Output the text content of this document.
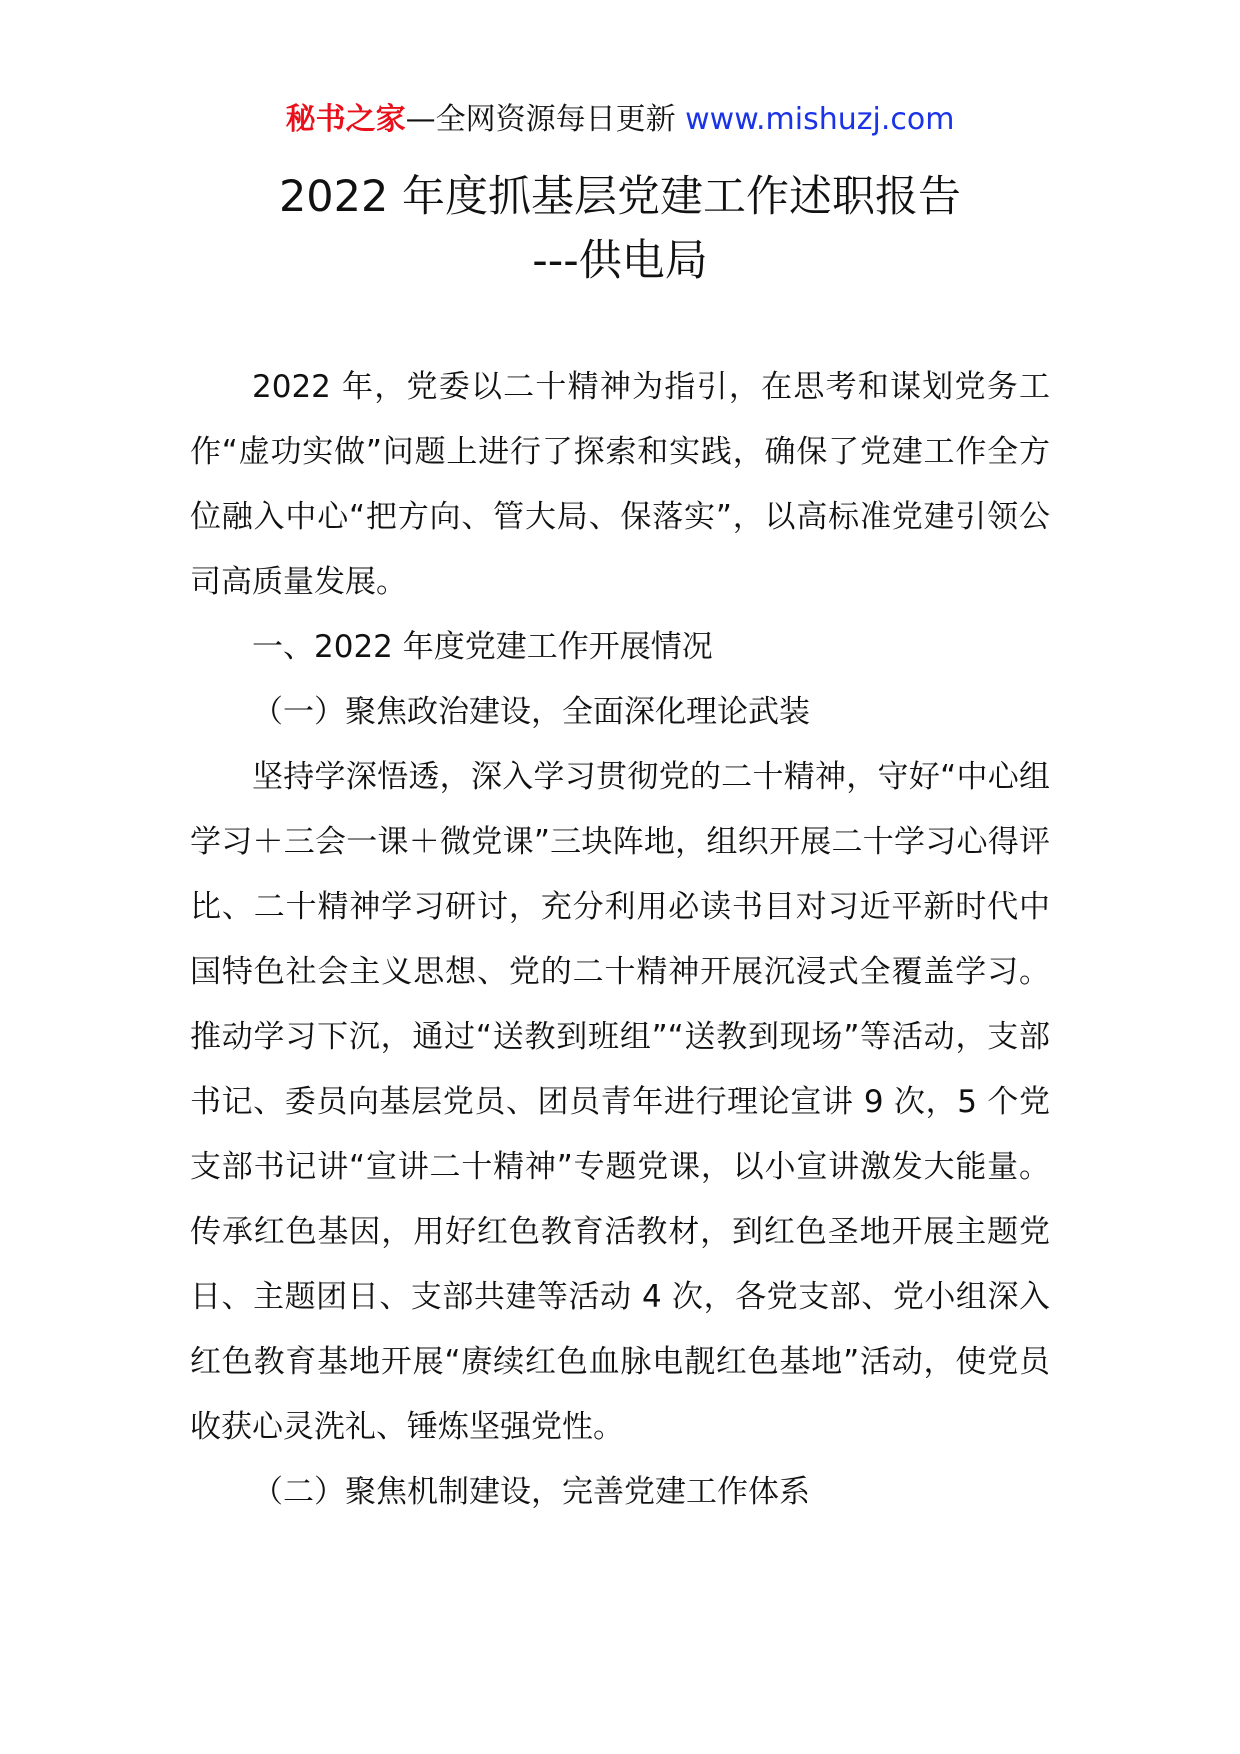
秘书之家—全网资源每日更新 www.mishuzj.com
2022 年度抓基层党建工作述职报告
---供电局

2022 年，党委以二十精神为指引，在思考和谋划党务工作“虚功实做”问题上进行了探索和实践，确保了党建工作全方位融入中心“把方向、管大局、保落实”，以高标准党建引领公司高质量发展。

一、2022 年度党建工作开展情况

（一）聚焦政治建设，全面深化理论武装

坚持学深悟透，深入学习贯彻党的二十精神，守好“中心组学习＋三会一课＋微党课”三块阵地，组织开展二十学习心得评比、二十精神学习研讨，充分利用必读书目对习近平新时代中国特色社会主义思想、党的二十精神开展沉浸式全覆盖学习。推动学习下沉，通过“送教到班组”“送教到现场”等活动，支部书记、委员向基层党员、团员青年进行理论宣讲 9 次，5 个党支部书记讲“宣讲二十精神”专题党课，以小宣讲激发大能量。传承红色基因，用好红色教育活教材，到红色圣地开展主题党日、主题团日、支部共建等活动 4 次，各党支部、党小组深入红色教育基地开展“赓续红色血脉电靓红色基地”活动，使党员收获心灵洗礼、锤炼坚强党性。

（二）聚焦机制建设，完善党建工作体系
